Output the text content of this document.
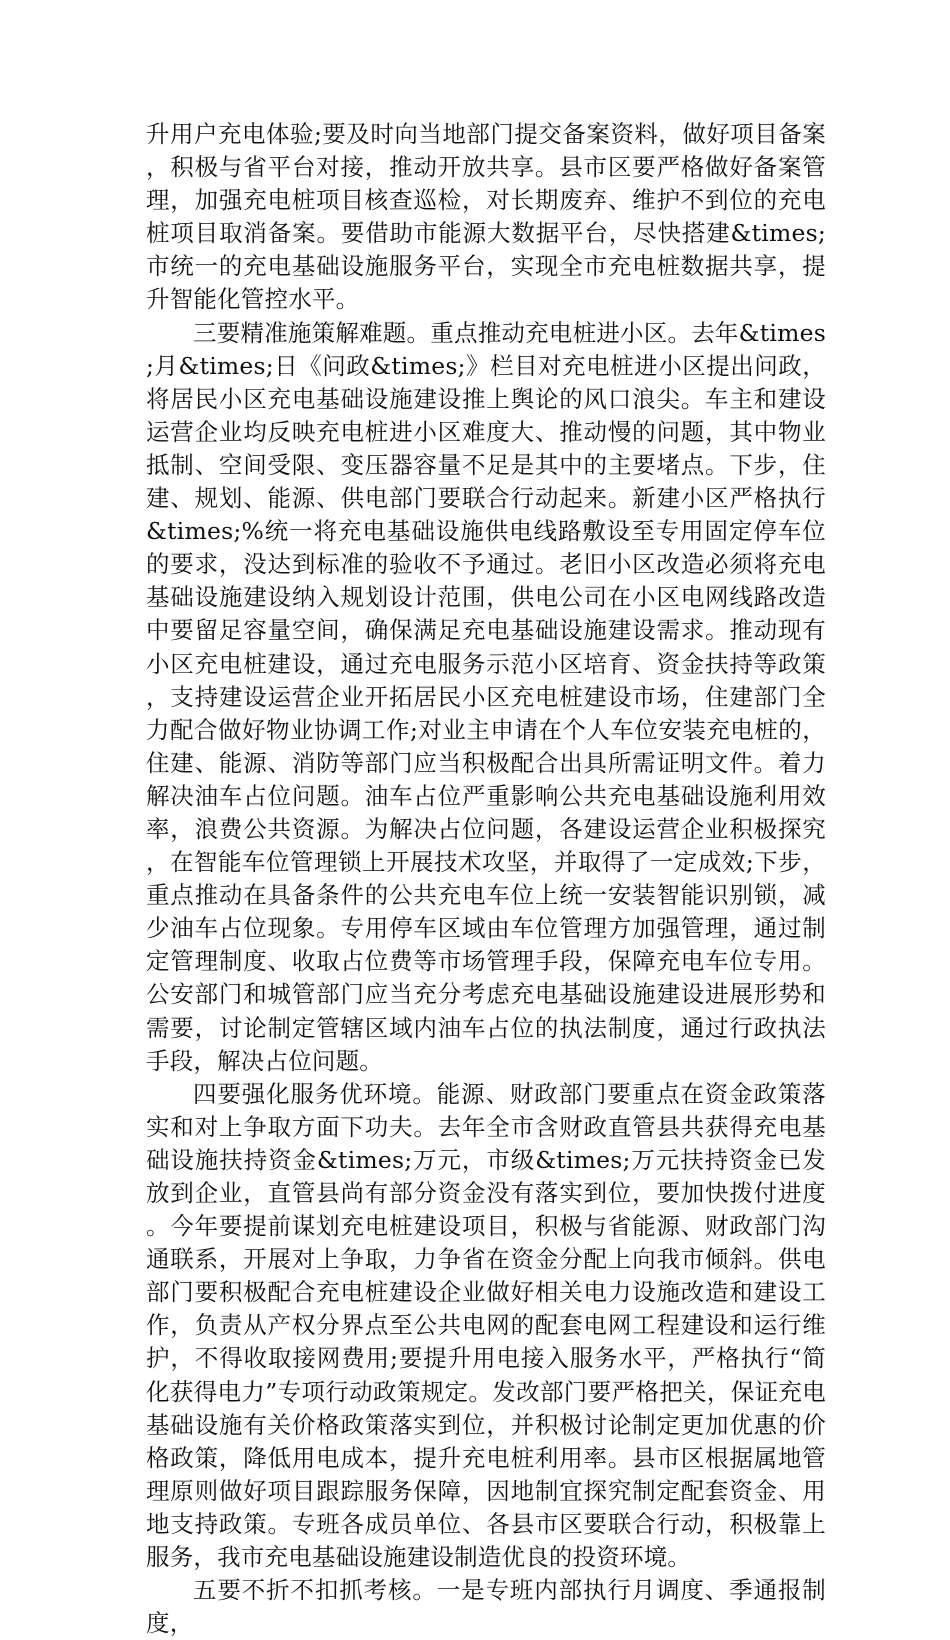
升用户充电体验;要及时向当地部门提交备案资料，做好项目备案，积极与省平台对接，推动开放共享。县市区要严格做好备案管理，加强充电桩项目核查巡检，对长期废弃、维护不到位的充电桩项目取消备案。要借助市能源大数据平台，尽快搭建&times;市统一的充电基础设施服务平台，实现全市充电桩数据共享，提升智能化管控水平。

三要精准施策解难题。重点推动充电桩进小区。去年&times;月&times;日《问政&times;》栏目对充电桩进小区提出问政，将居民小区充电基础设施建设推上舆论的风口浪尖。车主和建设运营企业均反映充电桩进小区难度大、推动慢的问题，其中物业抵制、空间受限、变压器容量不足是其中的主要堵点。下步，住建、规划、能源、供电部门要联合行动起来。新建小区严格执行&times;%统一将充电基础设施供电线路敷设至专用固定停车位的要求，没达到标准的验收不予通过。老旧小区改造必须将充电基础设施建设纳入规划设计范围，供电公司在小区电网线路改造中要留足容量空间，确保满足充电基础设施建设需求。推动现有小区充电桩建设，通过充电服务示范小区培育、资金扶持等政策，支持建设运营企业开拓居民小区充电桩建设市场，住建部门全力配合做好物业协调工作;对业主申请在个人车位安装充电桩的，住建、能源、消防等部门应当积极配合出具所需证明文件。着力解决油车占位问题。油车占位严重影响公共充电基础设施利用效率，浪费公共资源。为解决占位问题，各建设运营企业积极探究，在智能车位管理锁上开展技术攻坚，并取得了一定成效;下步，重点推动在具备条件的公共充电车位上统一安装智能识别锁，减少油车占位现象。专用停车区域由车位管理方加强管理，通过制定管理制度、收取占位费等市场管理手段，保障充电车位专用。公安部门和城管部门应当充分考虑充电基础设施建设进展形势和需要，讨论制定管辖区域内油车占位的执法制度，通过行政执法手段，解决占位问题。

四要强化服务优环境。能源、财政部门要重点在资金政策落实和对上争取方面下功夫。去年全市含财政直管县共获得充电基础设施扶持资金&times;万元，市级&times;万元扶持资金已发放到企业，直管县尚有部分资金没有落实到位，要加快拨付进度。今年要提前谋划充电桩建设项目，积极与省能源、财政部门沟通联系，开展对上争取，力争省在资金分配上向我市倾斜。供电部门要积极配合充电桩建设企业做好相关电力设施改造和建设工作，负责从产权分界点至公共电网的配套电网工程建设和运行维护，不得收取接网费用;要提升用电接入服务水平，严格执行“简化获得电力”专项行动政策规定。发改部门要严格把关，保证充电基础设施有关价格政策落实到位，并积极讨论制定更加优惠的价格政策，降低用电成本，提升充电桩利用率。县市区根据属地管理原则做好项目跟踪服务保障，因地制宜探究制定配套资金、用地支持政策。专班各成员单位、各县市区要联合行动，积极靠上服务，我市充电基础设施建设制造优良的投资环境。

五要不折不扣抓考核。一是专班内部执行月调度、季通报制度，
